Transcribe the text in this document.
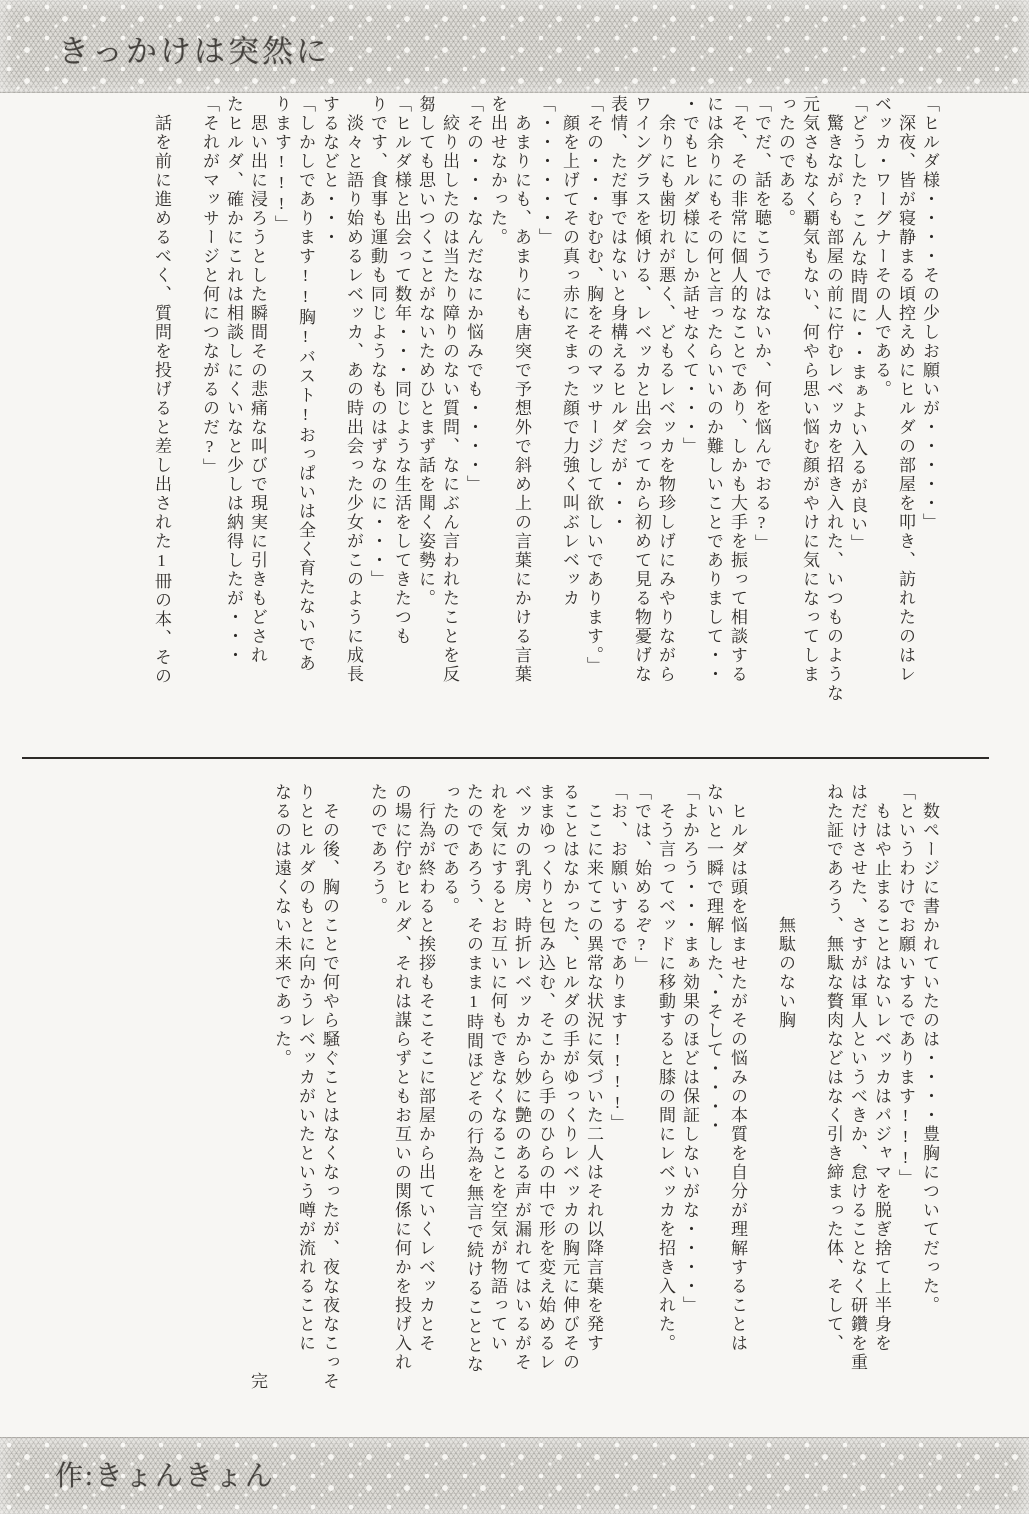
きっかけは突然に
「ヒルダ様・・・・その少しお願いが・・・・・」
深夜、皆が寝静まる頃控えめにヒルダの部屋を叩き、訪れたのはレ
ベッカ・ワーグナーその人である。
「どうした?こんな時間に・・まぁよい入るが良い」
驚きながらも部屋の前に佇むレベッカを招き入れた、いつものような
元気さもなく覇気もない、何やら思い悩む顔がやけに気になってしま
ったのである。
「でだ、話を聴こうではないか、何を悩んでおる?」
「そ、その非常に個人的なことであり、しかも大手を振って相談する
には余りにもその何と言ったらいいのか難しいことでありまして・・
・でもヒルダ様にしか話せなくて・・・」
余りにも歯切れが悪く、どもるレベッカを物珍しげにみやりながら
ワイングラスを傾ける、レベッカと出会ってから初めて見る物憂げな
表情、ただ事ではないと身構えるヒルダだが・・・
「その・・・むむむ、胸をそのマッサージして欲しいであります。」
顔を上げてその真っ赤にそまった顔で力強く叫ぶレベッカ
「・・・・・・」
あまりにも、あまりにも唐突で予想外で斜め上の言葉にかける言葉
を出せなかった。
「その・・・なんだなにか悩みでも・・・・」
絞り出したのは当たり障りのない質問、なにぶん言われたことを反
芻しても思いつくことがないためひとまず話を聞く姿勢に。
「ヒルダ様と出会って数年・・・同じような生活をしてきたつも
りです、食事も運動も同じようなものはずなのに・・・」
淡々と語り始めるレベッカ、あの時出会った少女がこのように成長
するなどと・・・
「しかしであります!!胸!バスト!おっぱいは全く育たないであ
ります!!!」
思い出に浸ろうとした瞬間その悲痛な叫びで現実に引きもどされ
たヒルダ、確かにこれは相談しにくいなと少しは納得したが・・・
「それがマッサージと何につながるのだ?」
話を前に進めるべく、質問を投げると差し出された1冊の本、その
数ページに書かれていたのは・・・・豊胸についてだった。
「というわけでお願いするであります!!!」
もはや止まることはないレベッカはパジャマを脱ぎ捨て上半身を
はだけさせた、さすがは軍人というべきか、怠けることなく研鑽を重
ねた証であろう、無駄な贅肉などはなく引き締まった体、そして、
無駄のない胸
ヒルダは頭を悩ませたがその悩みの本質を自分が理解することは
ないと一瞬で理解した、・そして・・・・
「よかろう・・・まぁ効果のほどは保証しないがな・・・・」
そう言ってベッドに移動すると膝の間にレベッカを招き入れた。
「では、始めるぞ?」
「お、お願いするであります!!!!」
ここに来てこの異常な状況に気づいた二人はそれ以降言葉を発す
ることはなかった、ヒルダの手がゆっくりレベッカの胸元に伸びその
ままゆっくりと包み込む、そこから手のひらの中で形を変え始めるレ
ベッカの乳房、時折レベッカから妙に艶のある声が漏れてはいるがそ
れを気にするとお互いに何もできなくなることを空気が物語ってい
たのであろう、そのまま1時間ほどその行為を無言で続けることとな
ったのである。
行為が終わると挨拶もそこそこに部屋から出ていくレベッカとそ
の場に佇むヒルダ、それは謀らずともお互いの関係に何かを投げ入れ
たのであろう。
その後、胸のことで何やら騒ぐことはなくなったが、夜な夜なこっそ
りとヒルダのもとに向かうレベッカがいたという噂が流れることに
なるのは遠くない未来であった。
完
作:きょんきょん
